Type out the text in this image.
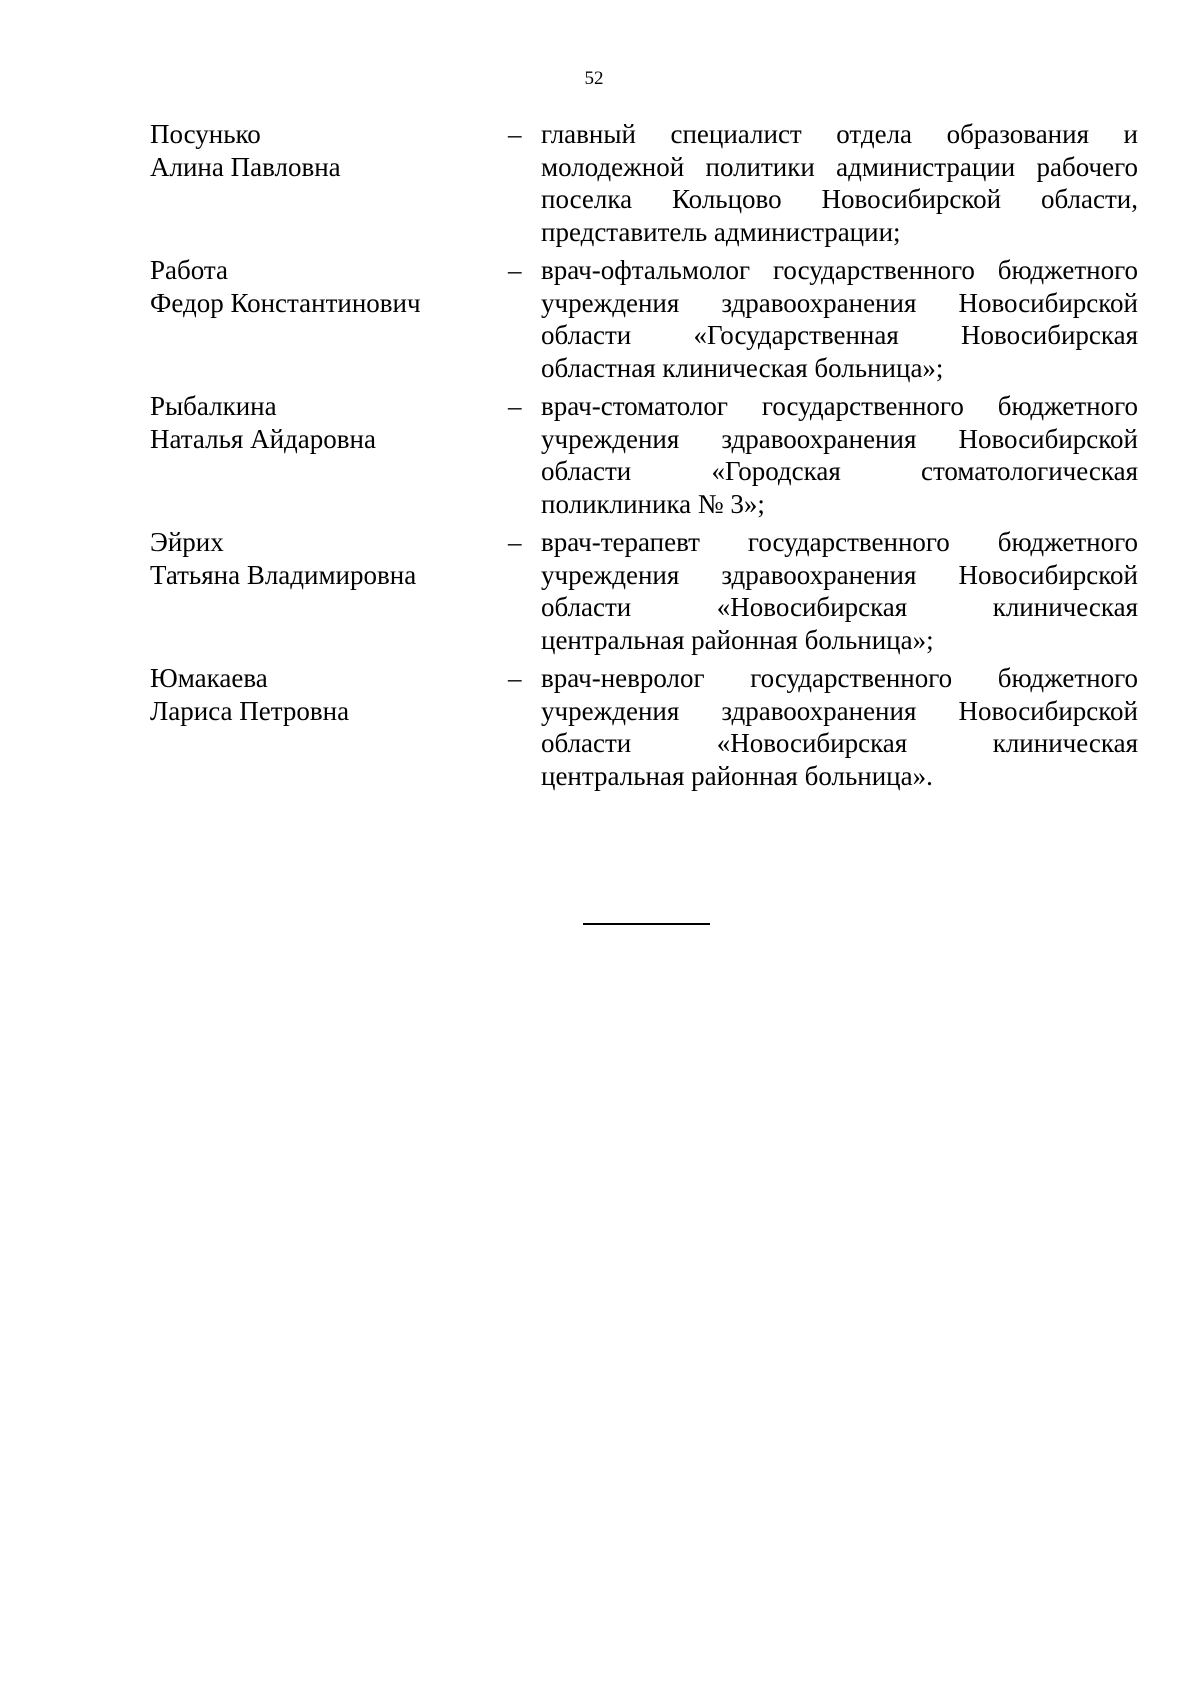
52
Посунько
Алина Павловна
– главный специалист отдела образования и
молодежной политики администрации рабочего
поселка Кольцово Новосибирской области,
представитель администрации;
Работа
Федор Константинович
– врач-офтальмолог государственного бюджетного
учреждения здравоохранения Новосибирской
области «Государственная Новосибирская
областная клиническая больница»;
Рыбалкина
Наталья Айдаровна
– врач-стоматолог государственного бюджетного
учреждения здравоохранения Новосибирской
области «Городская стоматологическая
поликлиника № 3»;
Эйрих
Татьяна Владимировна
– врач-терапевт государственного бюджетного
учреждения здравоохранения Новосибирской
области «Новосибирская клиническая
центральная районная больница»;
Юмакаева
Лариса Петровна
– врач-невролог государственного бюджетного
учреждения здравоохранения Новосибирской
области «Новосибирская клиническая
центральная районная больница».
